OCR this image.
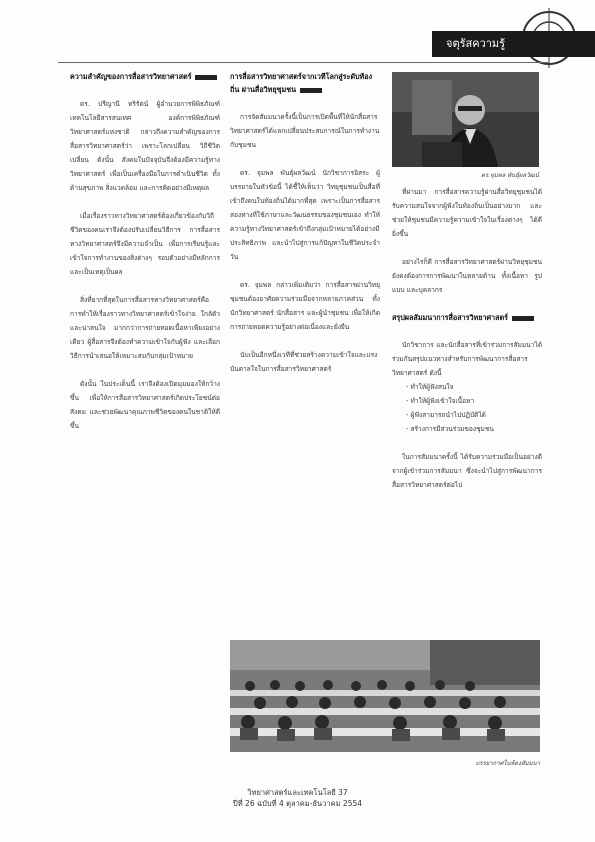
จตุรัสความรู้
ความสำคัญของการสื่อสารวิทยาศาสตร์

ดร. ปรีญานี หริรัตน์ ผู้อำนวยการพิพิธภัณฑ์เทคโนโลยีสารสนเทศ องค์การพิพิธภัณฑ์วิทยาศาสตร์แห่งชาติ กล่าวถึงความสำคัญของการสื่อสารวิทยาศาสตร์ว่า เพราะโลกเปลี่ยน วิถีชีวิตเปลี่ยน ดังนั้น สังคมในปัจจุบันจึงต้องมีความรู้ทางวิทยาศาสตร์ เพื่อเป็นเครื่องมือในการดำเนินชีวิต ทั้งด้านสุขภาพ สิ่งแวดล้อม และการคิดอย่างมีเหตุผล

เมื่อเรื่องราวทางวิทยาศาสตร์ต้องเกี่ยวข้องกับวิถีชีวิตของคนเราจึงต้องปรับเปลี่ยนวิธีการ การสื่อสารทางวิทยาศาสตร์จึงมีความจำเป็น เพื่อการเรียนรู้และเข้าใจการทำงานของสิ่งต่างๆ รอบตัวอย่างมีหลักการและเป็นเหตุเป็นผล

สิ่งที่ยากที่สุดในการสื่อสารทางวิทยาศาสตร์คือ การทำให้เรื่องราวทางวิทยาศาสตร์เข้าใจง่าย ใกล้ตัวและน่าสนใจ มากกว่าการถ่ายทอดเนื้อหาเพียงอย่างเดียว ผู้สื่อสารจึงต้องทำความเข้าใจกับผู้ฟัง และเลือกวิธีการนำเสนอให้เหมาะสมกับกลุ่มเป้าหมาย

ดังนั้น ในประเด็นนี้ เราจึงต้องเปิดมุมมองให้กว้างขึ้น เพื่อให้การสื่อสารวิทยาศาสตร์เกิดประโยชน์ต่อสังคม และช่วยพัฒนาคุณภาพชีวิตของคนในชาติให้ดีขึ้น

การสื่อสารวิทยาศาสตร์จากเวทีโลกสู่ระดับท้องถิ่น ผ่านสื่อวิทยุชุมชน

การจัดสัมมนาครั้งนี้เป็นการเปิดพื้นที่ให้นักสื่อสารวิทยาศาสตร์ได้แลกเปลี่ยนประสบการณ์ในการทำงานกับชุมชน

ดร. จุมพล พันธุ์ผลวัฒน์ นักวิชาการอิสระ ผู้บรรยายในหัวข้อนี้ ได้ชี้ให้เห็นว่า วิทยุชุมชนเป็นสื่อที่เข้าถึงคนในท้องถิ่นได้มากที่สุด เพราะเป็นการสื่อสารสองทางที่ใช้ภาษาและวัฒนธรรมของชุมชนเอง ทำให้ความรู้ทางวิทยาศาสตร์เข้าถึงกลุ่มเป้าหมายได้อย่างมีประสิทธิภาพ และนำไปสู่การแก้ปัญหาในชีวิตประจำวัน

ดร. จุมพล กล่าวเพิ่มเติมว่า การสื่อสารผ่านวิทยุชุมชนต้องอาศัยความร่วมมือจากหลายภาคส่วน ทั้งนักวิทยาศาสตร์ นักสื่อสาร และผู้นำชุมชน เพื่อให้เกิดการถ่ายทอดความรู้อย่างต่อเนื่องและยั่งยืน

นับเป็นอีกหนึ่งเวทีที่ช่วยสร้างความเข้าใจและแรงบันดาลใจในการสื่อสารวิทยาศาสตร์

ดร.จุมพล พันธุ์ผลวัฒน์

ที่ผ่านมา การสื่อสารความรู้ผ่านสื่อวิทยุชุมชนได้รับความสนใจจากผู้ฟังในท้องถิ่นเป็นอย่างมาก และช่วยให้ชุมชนมีความรู้ความเข้าใจในเรื่องต่างๆ ได้ดียิ่งขึ้น

อย่างไรก็ดี การสื่อสารวิทยาศาสตร์ผ่านวิทยุชุมชนยังคงต้องการการพัฒนาในหลายด้าน ทั้งเนื้อหา รูปแบบ และบุคลากร

สรุปผลสัมมนาการสื่อสารวิทยาศาสตร์

นักวิชาการ และนักสื่อสารที่เข้าร่วมการสัมมนาได้ร่วมกันสรุปแนวทางสำหรับการพัฒนาการสื่อสารวิทยาศาสตร์ ดังนี้

- ทำให้ผู้ฟังสนใจ
- ทำให้ผู้ฟังเข้าใจเนื้อหา
- ผู้ฟังสามารถนำไปปฏิบัติได้
- สร้างการมีส่วนร่วมของชุมชน

ในการสัมมนาครั้งนี้ ได้รับความร่วมมือเป็นอย่างดีจากผู้เข้าร่วมการสัมมนา ซึ่งจะนำไปสู่การพัฒนาการสื่อสารวิทยาศาสตร์ต่อไป

บรรยากาศในห้องสัมมนา
วิทยาศาสตร์และเทคโนโลยี 37
ปีที่ 26 ฉบับที่ 4 ตุลาคม-ธันวาคม 2554
